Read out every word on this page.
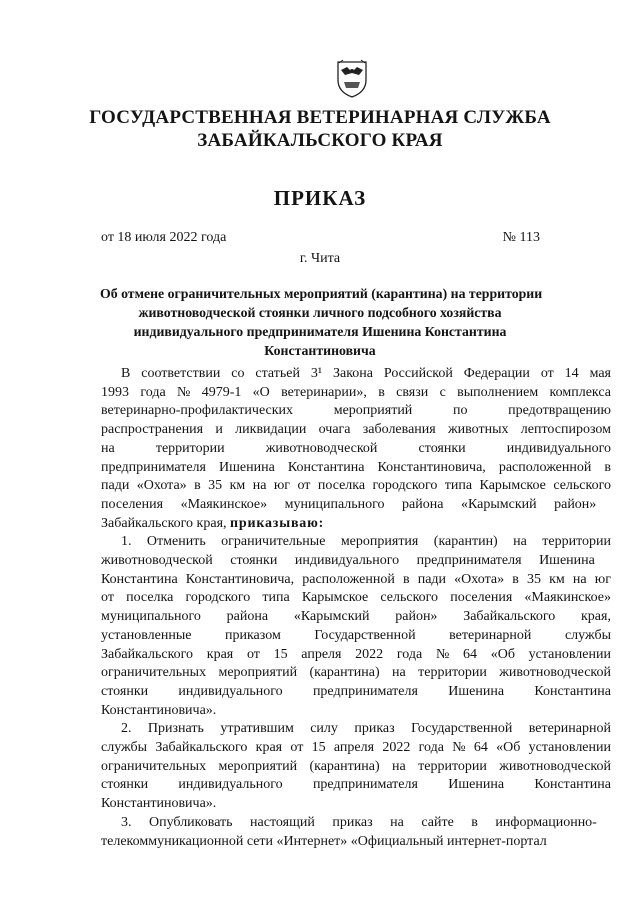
ГОСУДАРСТВЕННАЯ ВЕТЕРИНАРНАЯ СЛУЖБА
ЗАБАЙКАЛЬСКОГО КРАЯ
ПРИКАЗ
от 18 июля 2022 года	№ 113
г. Чита
Об отмене ограничительных мероприятий (карантина) на территории
животноводческой стоянки личного подсобного хозяйства
индивидуального предпринимателя Ишенина Константина
Константиновича
В соответствии со статьей 3¹ Закона Российской Федерации от 14 мая
1993 года № 4979-1 «О ветеринарии», в связи с выполнением комплекса
ветеринарно-профилактических	мероприятий	по	предотвращению
распространения и ликвидации очага заболевания животных лептоспирозом
на	территории	животноводческой	стоянки	индивидуального
предпринимателя Ишенина Константина Константиновича, расположенной в
пади «Охота» в 35 км на юг от поселка городского типа Карымское сельского
поселения «Маякинское» муниципального района «Карымский район»
Забайкальского края, приказываю:
1. Отменить ограничительные мероприятия (карантин) на территории
животноводческой стоянки индивидуального предпринимателя Ишенина
Константина Константиновича, расположенной в пади «Охота» в 35 км на юг
от поселка городского типа Карымское сельского поселения «Маякинское»
муниципального района «Карымский район» Забайкальского края,
установленные приказом Государственной ветеринарной службы
Забайкальского края от 15 апреля 2022 года № 64 «Об установлении
ограничительных мероприятий (карантина) на территории животноводческой
стоянки индивидуального предпринимателя Ишенина Константина
Константиновича».
2. Признать утратившим силу приказ Государственной ветеринарной
службы Забайкальского края от 15 апреля 2022 года № 64 «Об установлении
ограничительных мероприятий (карантина) на территории животноводческой
стоянки индивидуального предпринимателя Ишенина Константина
Константиновича».
3. Опубликовать настоящий приказ на сайте в информационно-
телекоммуникационной сети «Интернет» «Официальный интернет-портал
